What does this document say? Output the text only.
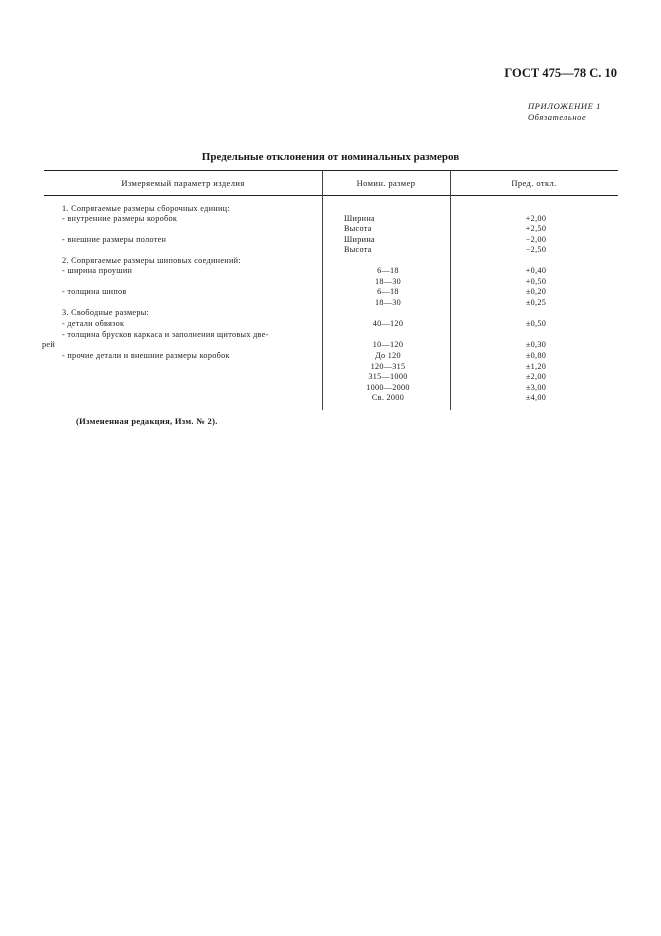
ГОСТ 475—78 С. 10
ПРИЛОЖЕНИЕ 1
Обязательное
Предельные отклонения от номинальных размеров
Измеряемый параметр изделия	Номин. размер	Пред. откл.
1. Сопрягаемые размеры сборочных единиц:
- внутренние размеры коробок	Ширина	+2,00
Высота	+2,50
- внешние размеры полотен	Ширина	−2,00
Высота	−2,50
2. Сопрягаемые размеры шиповых соединений:
- ширина проушин	6—18	+0,40
18—30	+0,50
- толщина шипов	6—18	±0,20
18—30	±0,25
3. Свободные размеры:
- детали обвязок	40—120	±0,50
- толщина брусков каркаса и заполнения щитовых две-
рей	10—120	±0,30
- прочие детали и внешние размеры коробок	До 120	±0,80
120—315	±1,20
315—1000	±2,00
1000—2000	±3,00
Св. 2000	±4,00
(Измененная редакция, Изм. № 2).
